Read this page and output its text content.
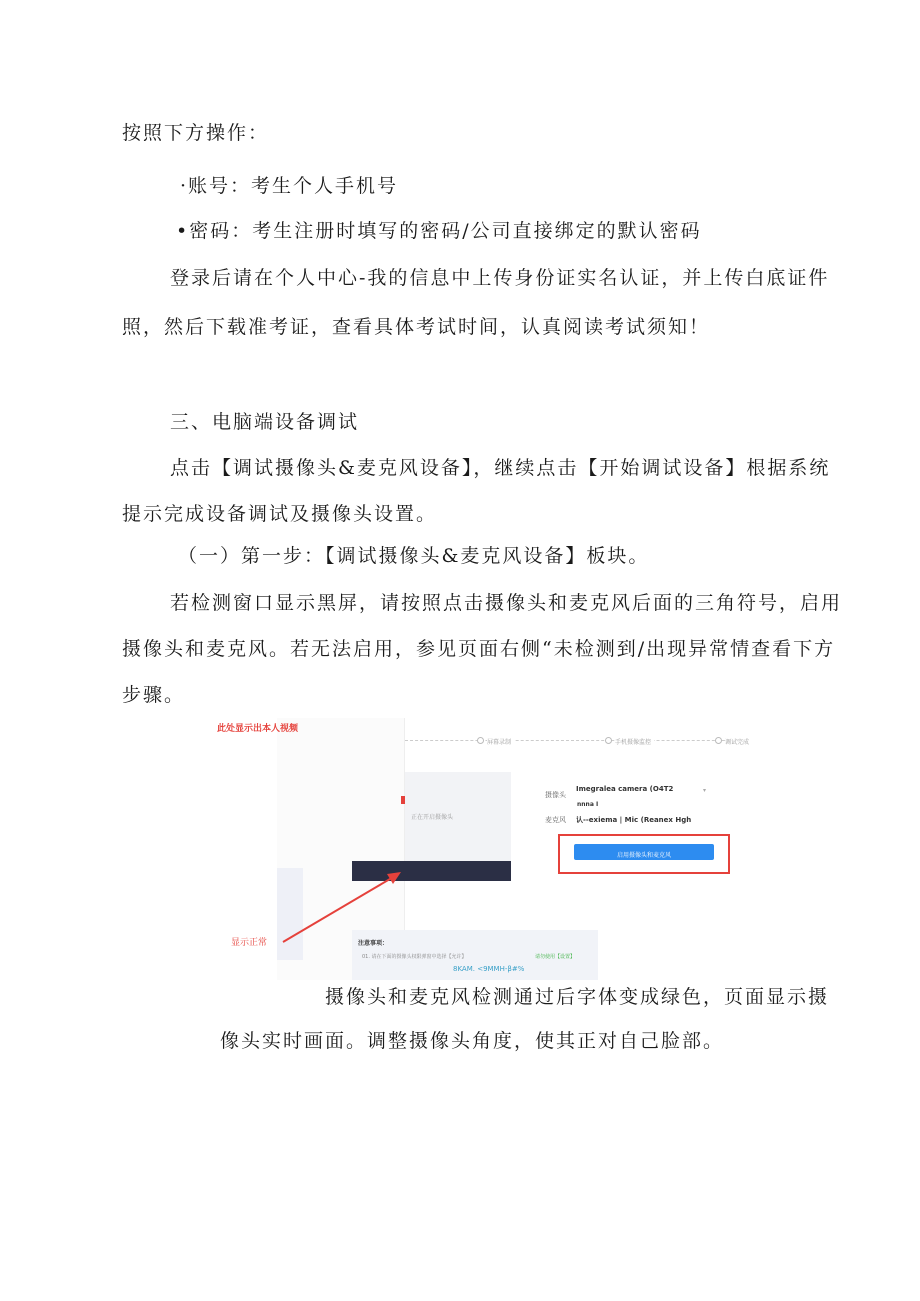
按照下方操作：
·账号：考生个人手机号
•密码：考生注册时填写的密码/公司直接绑定的默认密码
登录后请在个人中心-我的信息中上传身份证实名认证，并上传白底证件
照，然后下载准考证，查看具体考试时间，认真阅读考试须知！
三、电脑端设备调试
点击【调试摄像头&麦克风设备】，继续点击【开始调试设备】根据系统
提示完成设备调试及摄像头设置。
（一）第一步：【调试摄像头&麦克风设备】板块。
若检测窗口显示黑屏，请按照点击摄像头和麦克风后面的三角符号，启用
摄像头和麦克风。若无法启用，参见页面右侧“未检测到/出现异常情查看下方
步骤。
此处显示出本人视频
屏幕录制	手机摄像监控	调试完成
正在开启摄像头
摄像头
Imegralea camera (O4T2	▾
nnna I
麦克风 认--exiema | Mic (Reanex Hgh
启用摄像头和麦克风
显示正常	注意事项：
01. 请在下面的摄像头权限弹窗中选择【允许】	请勿使用【设置】
8KAM. <9MMH-β#%
摄像头和麦克风检测通过后字体变成绿色，页面显示摄
像头实时画面。调整摄像头角度，使其正对自己脸部。
